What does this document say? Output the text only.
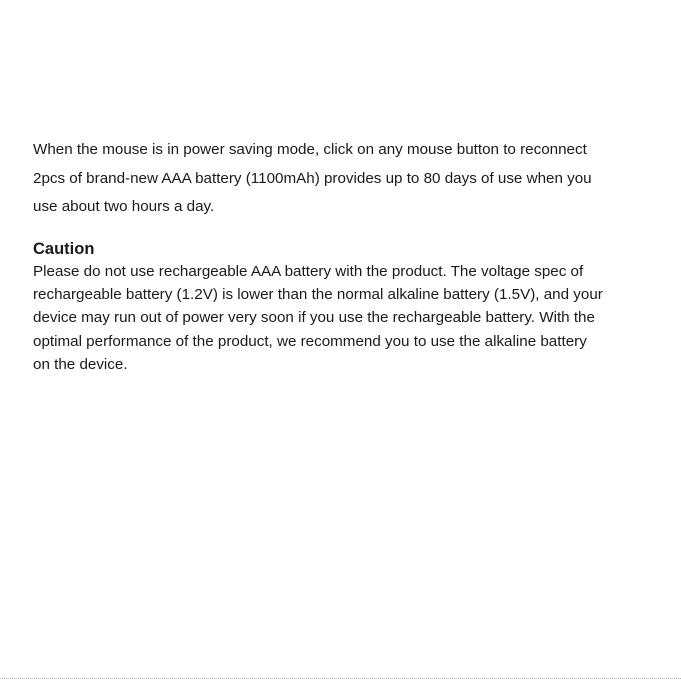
When the mouse is in power saving mode, click on any mouse button to reconnect

2pcs of brand-new AAA battery (1100mAh) provides up to 80 days of use when you

use about two hours a day.

Caution

Please do not use rechargeable AAA battery with the product. The voltage spec of

rechargeable battery (1.2V) is lower than the normal alkaline battery (1.5V), and your

device may run out of power very soon if you use the rechargeable battery. With the

optimal performance of the product, we recommend you to use the alkaline battery

on the device.
